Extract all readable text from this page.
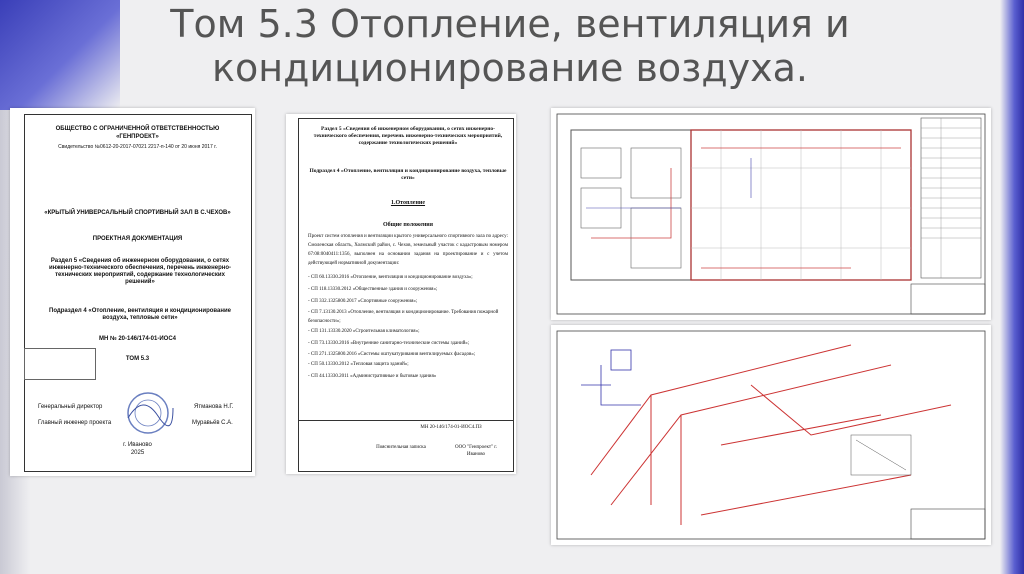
Том 5.3 Отопление, вентиляция и
кондиционирование воздуха.
ОБЩЕСТВО С ОГРАНИЧЕННОЙ ОТВЕТСТВЕННОСТЬЮ
«ГЕНПРОЕКТ»
Свидетельство №0612-20-2017-07021 2217-п-140 от 20 июня 2017 г.
«КРЫТЫЙ УНИВЕРСАЛЬНЫЙ СПОРТИВНЫЙ ЗАЛ В С.ЧЕХОВ»
ПРОЕКТНАЯ ДОКУМЕНТАЦИЯ
Раздел 5 «Сведения об инженерном оборудовании, о сетях инженерно-технического обеспечения, перечень инженерно-технических мероприятий, содержание технологических решений»
Подраздел 4 «Отопление, вентиляция и кондиционирование воздуха, тепловые сети»
МН № 20-146/174-01-ИОС4
ТОМ 5.3
Генеральный директор	Ятманова Н.Г.
Главный инженер проекта	Муравьёв С.А.
г. Иваново
2025
Раздел 5 «Сведения об инженерном оборудовании, о сетях инженерно-технического обеспечения, перечень инженерно-технических мероприятий, содержание технологических решений»
Подраздел 4 «Отопление, вентиляция и кондиционирование воздуха, тепловые сети»
1.Отопление
Общие положения
Проект систем отопления и вентиляции крытого универсального спортивного зала по адресу: Смоленская область, Холмский район, с. Чехов, земельный участок с кадастровым номером 67:08:0040411:1356, выполнен на основании задания на проектирование и с учетом действующей нормативной документации:
- СП 60.13330.2016 «Отопление, вентиляция и кондиционирование воздуха»;
- СП 118.13330.2012 «Общественные здания и сооружения»;
- СП 332.1325800.2017 «Спортивные сооружения»;
- СП 7.13130.2013 «Отопление, вентиляция и кондиционирование. Требования пожарной безопасности»;
- СП 131.13330.2020 «Строительная климатология»;
- СП 73.13330.2016 «Внутренние санитарно-технические системы зданий»;
- СП 271.1325800.2016 «Системы оштукатуривания вентилируемых фасадов»;
- СП 50.13330.2012 «Тепловая защита зданий»;
- СП 44.13330.2011 «Административные и бытовые здания»
МН 20-146/174-01-ИОС4.ПЗ
Пояснительная записка	ООО "Генпроект" г. Иваново
